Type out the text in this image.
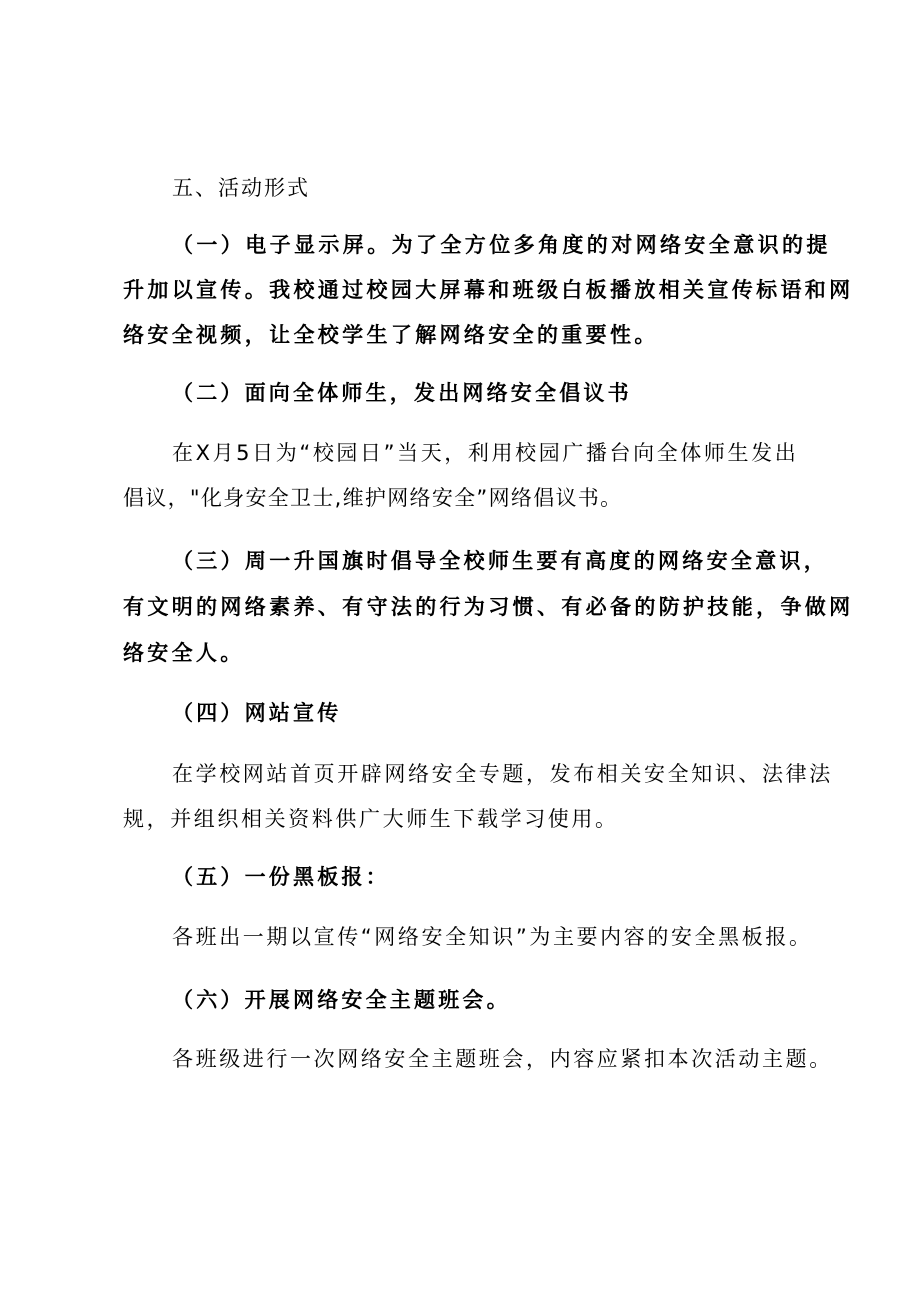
五、活动形式

（一）电子显示屏。为了全方位多角度的对网络安全意识的提

升加以宣传。我校通过校园大屏幕和班级白板播放相关宣传标语和网

络安全视频，让全校学生了解网络安全的重要性。

（二）面向全体师生，发出网络安全倡议书

在X月5日为“校园日”当天，利用校园广播台向全体师生发出

倡议，"化身安全卫士,维护网络安全”网络倡议书。

（三）周一升国旗时倡导全校师生要有高度的网络安全意识，

有文明的网络素养、有守法的行为习惯、有必备的防护技能，争做网

络安全人。

（四）网站宣传

在学校网站首页开辟网络安全专题，发布相关安全知识、法律法

规，并组织相关资料供广大师生下载学习使用。

（五）一份黑板报：

各班出一期以宣传“网络安全知识”为主要内容的安全黑板报。

（六）开展网络安全主题班会。

各班级进行一次网络安全主题班会，内容应紧扣本次活动主题。
